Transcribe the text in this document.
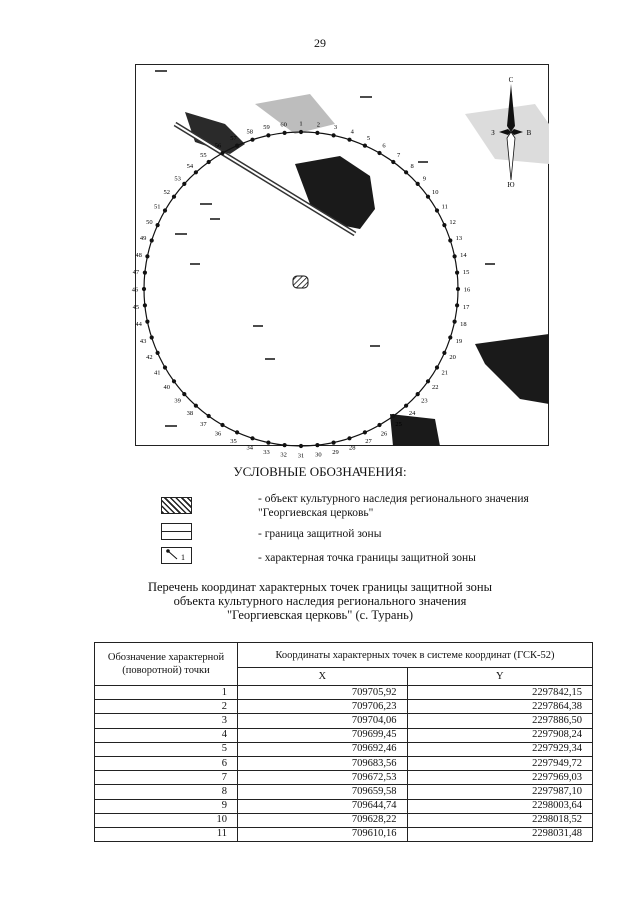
29
1 2 3
4
5
6
7
8
9
10
11
12
13
14
15
16
17
18
19
20
21
22
23
24
25
26
27
28
29
30
31
32
33
34
35
36
37
38
39
40
41
42
43
44
45
46
47
48
49
50
51
52
53
54
55
56
57
58
59 60
С
Ю
З	В
УСЛОВНЫЕ ОБОЗНАЧЕНИЯ:
- объект культурного наследия регионального значения "Георгиевская церковь"
- граница защитной зоны
1	- характерная точка границы защитной зоны
Перечень координат характерных точек границы защитной зоны
объекта культурного наследия регионального значения
"Георгиевская церковь" (с. Турань)
Обозначение характерной (поворотной) точки	Координаты характерных точек в системе координат (ГСК-52)	
	X	Y
1	709705,92	2297842,15
2	709706,23	2297864,38
3	709704,06	2297886,50
4	709699,45	2297908,24
5	709692,46	2297929,34
6	709683,56	2297949,72
7	709672,53	2297969,03
8	709659,58	2297987,10
9	709644,74	2298003,64
10	709628,22	2298018,52
11	709610,16	2298031,48
